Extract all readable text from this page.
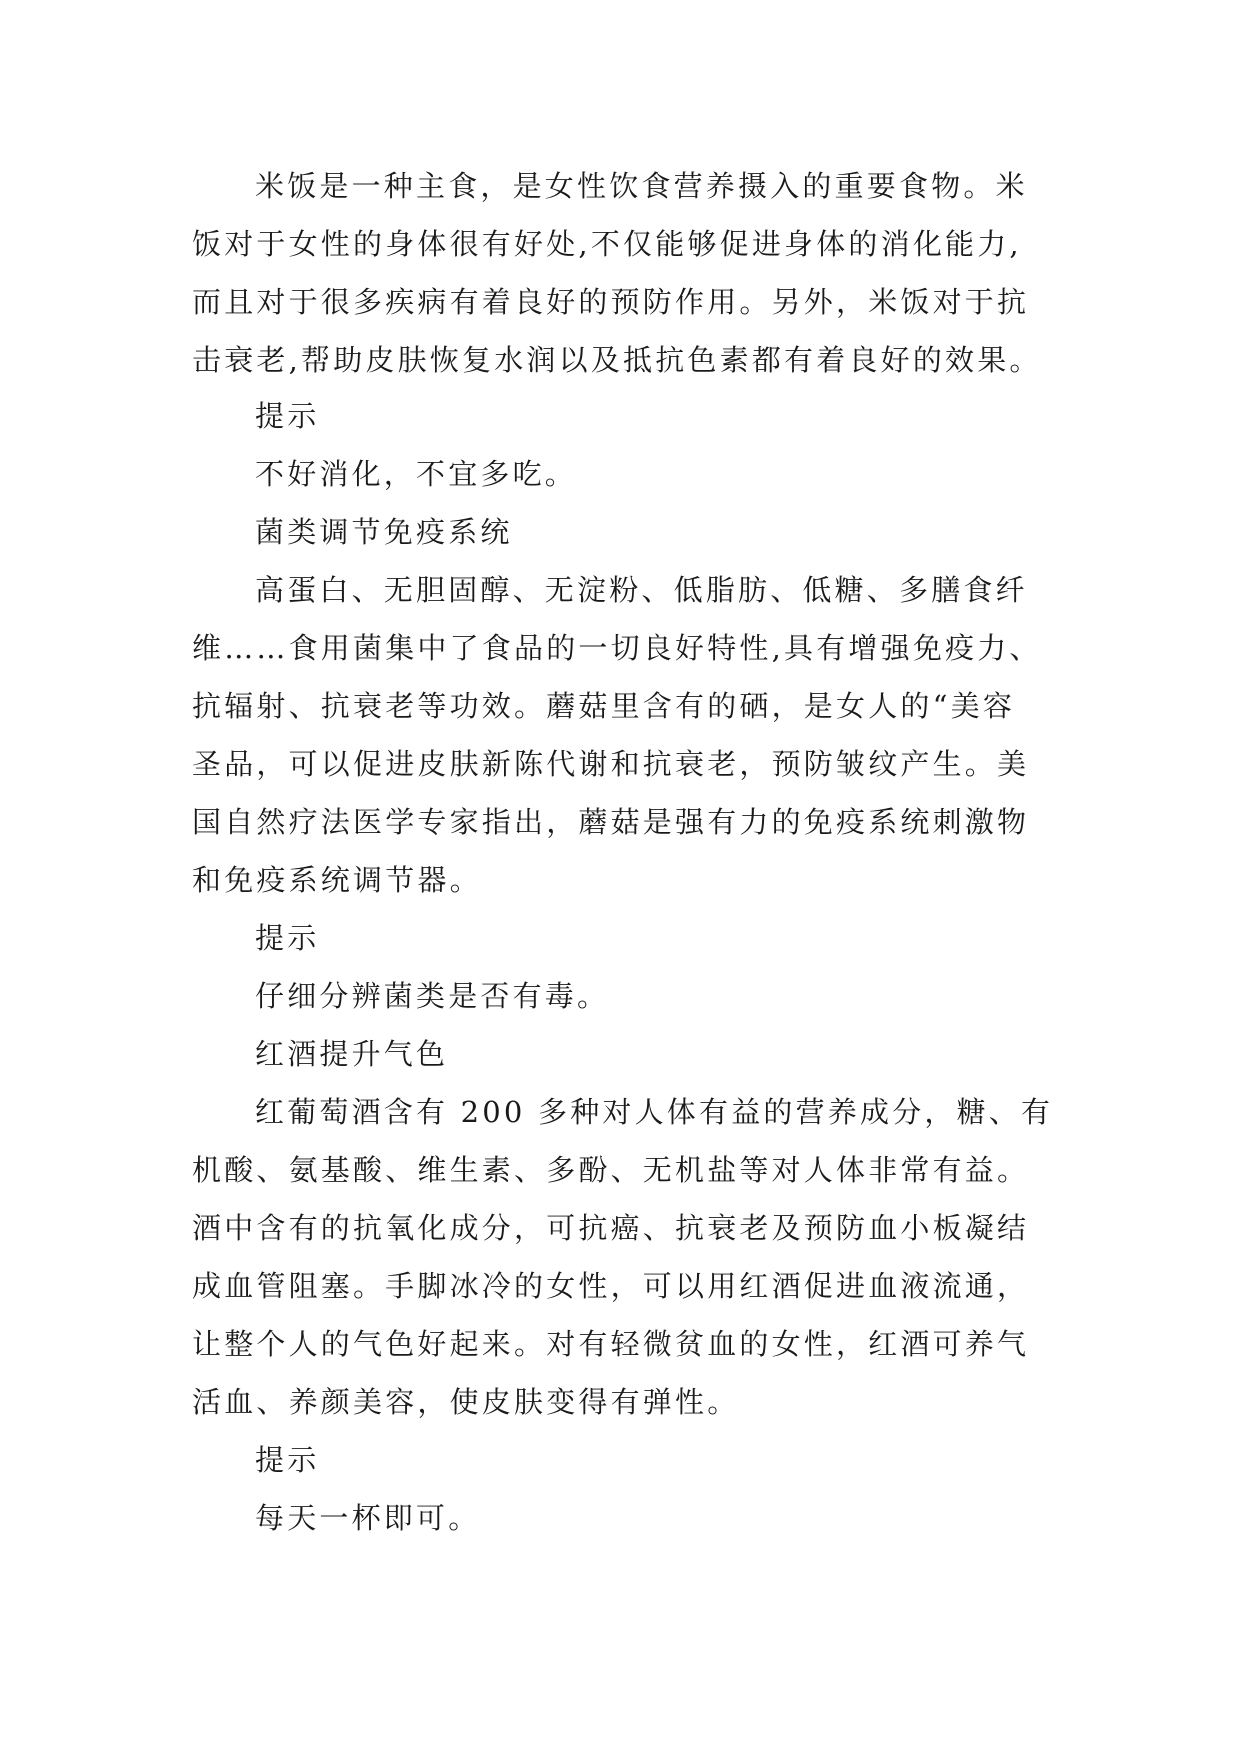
米饭是一种主食，是女性饮食营养摄入的重要食物。米
饭对于女性的身体很有好处,不仅能够促进身体的消化能力,
而且对于很多疾病有着良好的预防作用。另外，米饭对于抗
击衰老,帮助皮肤恢复水润以及抵抗色素都有着良好的效果。
提示
不好消化，不宜多吃。
菌类调节免疫系统
高蛋白、无胆固醇、无淀粉、低脂肪、低糖、多膳食纤
维……食用菌集中了食品的一切良好特性,具有增强免疫力、
抗辐射、抗衰老等功效。蘑菇里含有的硒，是女人的“美容
圣品，可以促进皮肤新陈代谢和抗衰老，预防皱纹产生。美
国自然疗法医学专家指出，蘑菇是强有力的免疫系统刺激物
和免疫系统调节器。
提示
仔细分辨菌类是否有毒。
红酒提升气色
红葡萄酒含有 200 多种对人体有益的营养成分，糖、有
机酸、氨基酸、维生素、多酚、无机盐等对人体非常有益。
酒中含有的抗氧化成分，可抗癌、抗衰老及预防血小板凝结
成血管阻塞。手脚冰冷的女性，可以用红酒促进血液流通，
让整个人的气色好起来。对有轻微贫血的女性，红酒可养气
活血、养颜美容，使皮肤变得有弹性。
提示
每天一杯即可。
